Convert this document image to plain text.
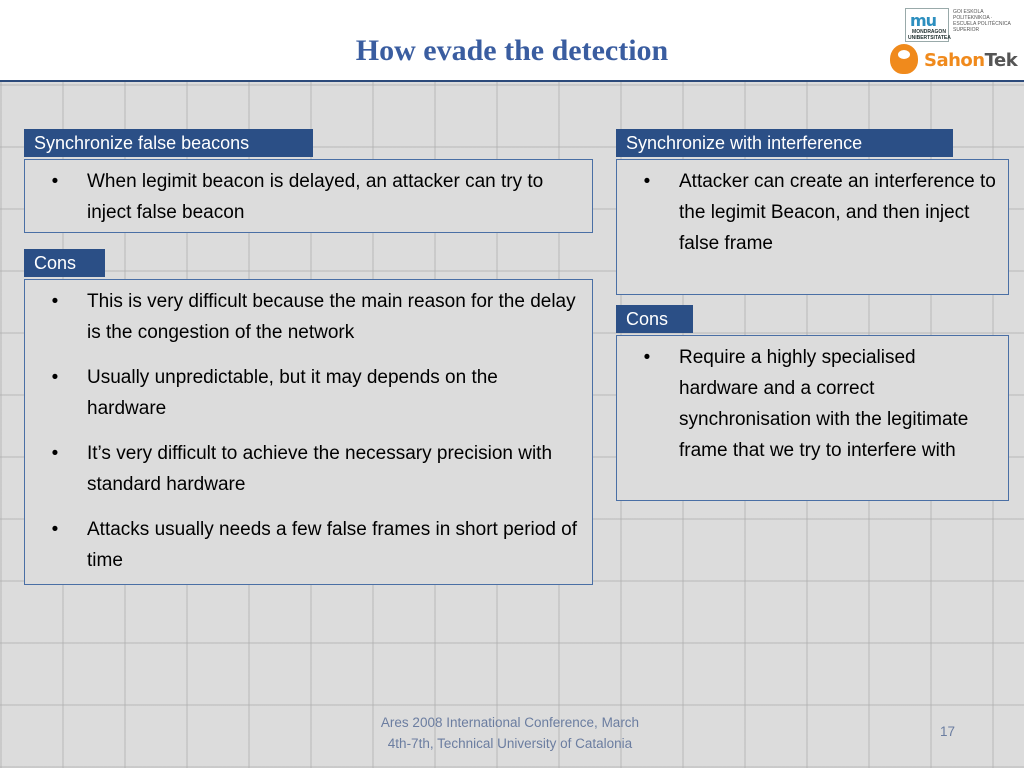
How evade the detection
mu
MONDRAGON UNIBERTSITATEA
GOI ESKOLA POLITEKNIKOA · ESCUELA POLITÉCNICA SUPERIOR
SahonTek
Synchronize false beacons
•	When legimit beacon is delayed, an attacker can try to inject false beacon
Cons
•	This is very difficult because the main reason for the delay is the congestion of the network
•	Usually unpredictable, but it may depends on the hardware
•	It’s very difficult to achieve the necessary precision with standard hardware
•	Attacks usually needs a few false frames in short period of time
Synchronize with interference
•	Attacker can create an interference to the legimit Beacon, and then inject false frame
Cons
•	Require a highly specialised hardware and a correct synchronisation with the legitimate frame that we try to interfere with
Ares 2008 International Conference, March
4th-7th, Technical University of Catalonia
17
